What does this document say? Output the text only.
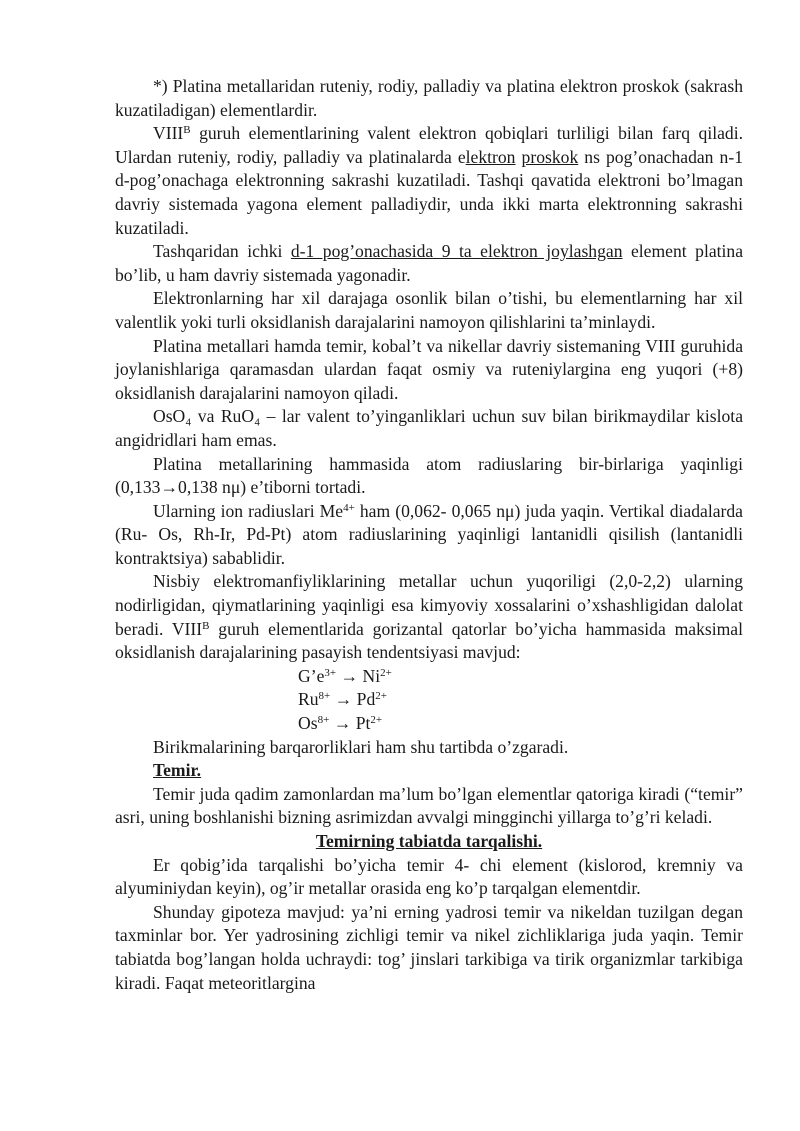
*) Platina metallaridan ruteniy, rodiy, palladiy va platina elektron proskok (sakrash kuzatiladigan) elementlardir.

$VIII^B$ guruh elementlarining valent elektron qobiqlari turliligi bilan farq qiladi. Ulardan ruteniy, rodiy, palladiy va platinalarda elektron proskok ns pog’onachadan n-1 d-pog’onachaga elektronning sakrashi kuzatiladi. Tashqi qavatida elektroni bo’lmagan davriy sistemada yagona element palladiydir, unda ikki marta elektronning sakrashi kuzatiladi.

Tashqaridan ichki d-1 pog’onachasida 9 ta elektron joylashgan element platina bo’lib, u ham davriy sistemada yagonadir.

Elektronlarning har xil darajaga osonlik bilan o’tishi, bu elementlarning har xil valentlik yoki turli oksidlanish darajalarini namoyon qilishlarini ta’minlaydi.

Platina metallari hamda temir, kobal’t va nikellar davriy sistemaning VIII guruhida joylanishlariga qaramasdan ulardan faqat osmiy va ruteniylargina eng yuqori (+8) oksidlanish darajalarini namoyon qiladi.

OsO₄ va RuO₄ – lar valent to’yinganliklari uchun suv bilan birikmaydilar kislota angidridlari ham emas.

Platina metallarining hammasida atom radiuslaring bir-birlariga yaqinligi (0,133→0,138 nμ) e’tiborni tortadi.

Ularning ion radiuslari $Me^{4+}$ ham (0,062- 0,065 nμ) juda yaqin. Vertikal diadalarda (Ru- Os, Rh-Ir, Pd-Pt) atom radiuslarining yaqinligi lantanidli qisilish (lantanidli kontraktsiya) sabablidir.

Nisbiy elektromanfiyliklarining metallar uchun yuqoriligi (2,0-2,2) ularning nodirligidan, qiymatlarining yaqinligi esa kimyoviy xossalarini o’xshashligidan dalolat beradi. $VIII^B$ guruh elementlarida gorizantal qatorlar bo’yicha hammasida maksimal oksidlanish darajalarining pasayish tendentsiyasi mavjud:

$G’e^{3+} \to Ni^{2+}$

$Ru^{8+} \to Pd^{2+}$

$Os^{8+} \to Pt^{2+}$

Birikmalarining barqarorliklari ham shu tartibda o’zgaradi.

Temir.

Temir juda qadim zamonlardan ma’lum bo’lgan elementlar qatoriga kiradi (“temir” asri, uning boshlanishi bizning asrimizdan avvalgi mingginchi yillarga to’g’ri keladi.

Temirning tabiatda tarqalishi.

Er qobig’ida tarqalishi bo’yicha temir 4- chi element (kislorod, kremniy va alyuminiydan keyin), og’ir metallar orasida eng ko’p tarqalgan elementdir.

Shunday gipoteza mavjud: ya’ni erning yadrosi temir va nikeldan tuzilgan degan taxminlar bor. Yer yadrosining zichligi temir va nikel zichliklariga juda yaqin. Temir tabiatda bog’langan holda uchraydi: tog’ jinslari tarkibiga va tirik organizmlar tarkibiga kiradi. Faqat meteoritlargina
